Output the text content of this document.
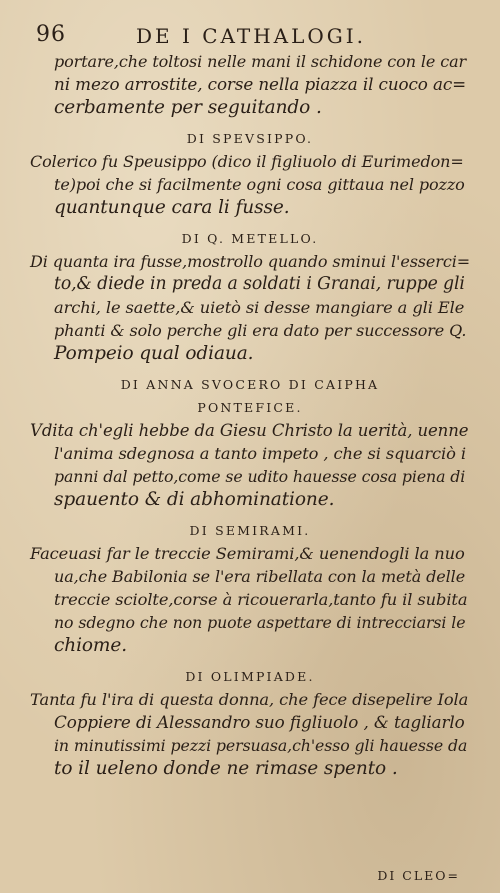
96	DE I CATHALOGI.
portare,che toltosi nelle mani il schidone con le car
ni mezo arrostite, corse nella piazza il cuoco ac=
cerbamente per seguitando .
DI SPEVSIPPO.
Colerico fu Speusippo (dico il figliuolo di Eurimedon=
te)poi che si facilmente ogni cosa gittaua nel pozzo
quantunque cara li fusse.
DI Q. METELLO.
Di quanta ira fusse,mostrollo quando sminui l'esserci=
to,& diede in preda a soldati i Granai, ruppe gli
archi, le saette,& uietò si desse mangiare a gli Ele
phanti & solo perche gli era dato per successore Q.
Pompeio qual odiaua.
DI ANNA SVOCERO DI CAIPHA
PONTEFICE.
Vdita ch'egli hebbe da Giesu Christo la uerità, uenne
l'anima sdegnosa a tanto impeto , che si squarciò i
panni dal petto,come se udito hauesse cosa piena di
spauento & di abhominatione.
DI SEMIRAMI.
Faceuasi far le treccie Semirami,& uenendogli la nuo
ua,che Babilonia se l'era ribellata con la metà delle
treccie sciolte,corse à ricouerarla,tanto fu il subita
no sdegno che non puote aspettare di intrecciarsi le
chiome.
DI OLIMPIADE.
Tanta fu l'ira di questa donna, che fece disepelire Iola
Coppiere di Alessandro suo figliuolo , & tagliarlo
in minutissimi pezzi persuasa,ch'esso gli hauesse da
to il ueleno donde ne rimase spento .
DI CLEO=
